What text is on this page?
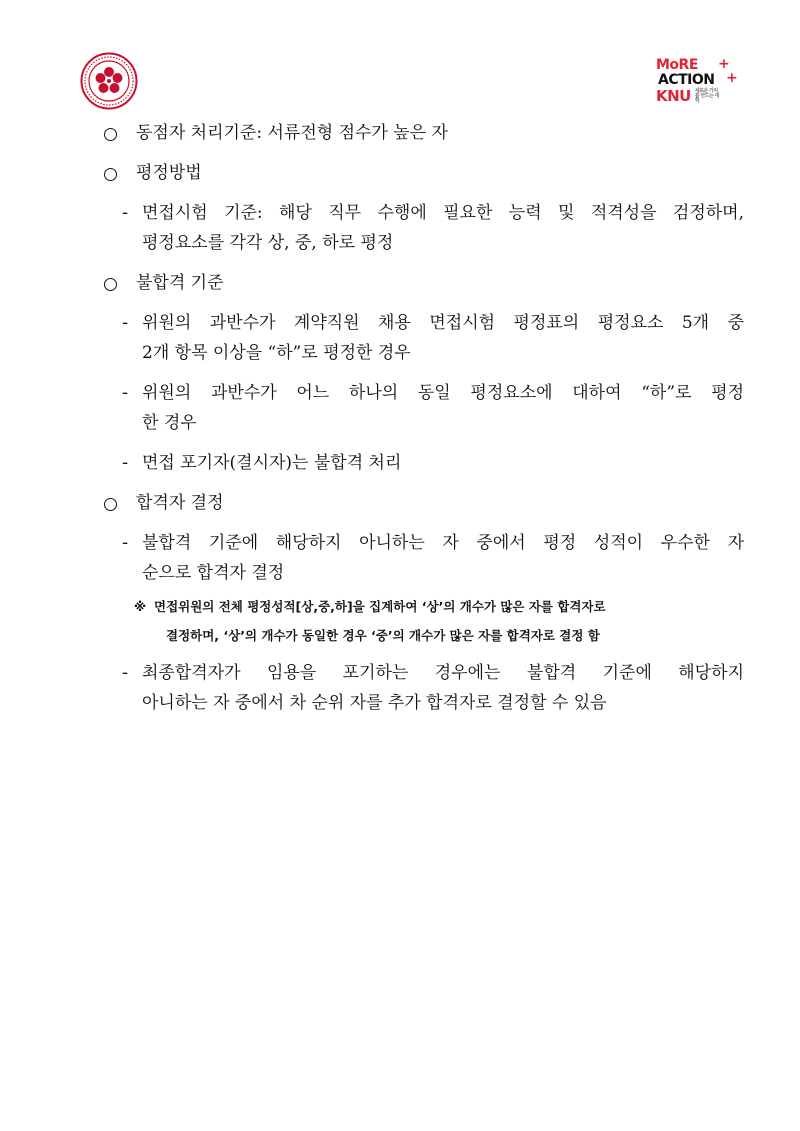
MoRE	+
ACTION +
KNU 새로운 가치를 만드는 대학
동점자 처리기준: 서류전형 점수가 높은 자
평정방법
- 면접시험 기준: 해당 직무 수행에 필요한 능력 및 적격성을 검정하며,
평정요소를 각각 상, 중, 하로 평정
불합격 기준
- 위원의 과반수가 계약직원 채용 면접시험 평정표의 평정요소 5개 중
2개 항목 이상을 “하”로 평정한 경우
- 위원의 과반수가 어느 하나의 동일 평정요소에 대하여 “하”로 평정
한 경우
- 면접 포기자(결시자)는 불합격 처리
합격자 결정
- 불합격 기준에 해당하지 아니하는 자 중에서 평정 성적이 우수한 자
순으로 합격자 결정
※ 면접위원의 전체 평정성적[상,중,하]을 집계하여 ‘상’의 개수가 많은 자를 합격자로
결정하며, ‘상’의 개수가 동일한 경우 ‘중’의 개수가 많은 자를 합격자로 결정 함
- 최종합격자가 임용을 포기하는 경우에는 불합격 기준에 해당하지
아니하는 자 중에서 차 순위 자를 추가 합격자로 결정할 수 있음
